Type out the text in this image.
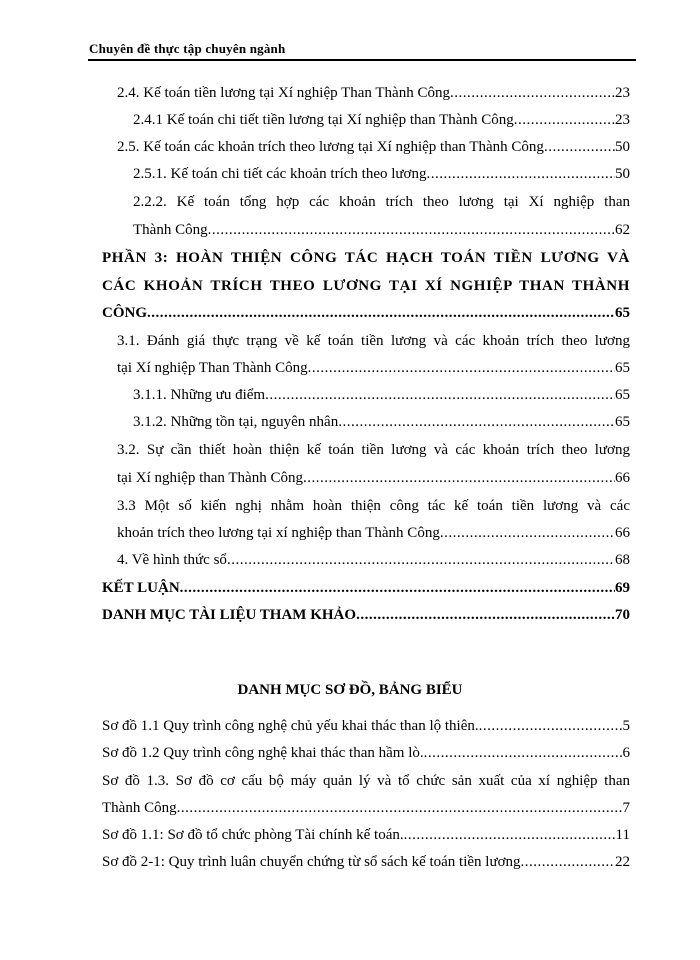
Chuyên đề thực tập chuyên ngành
2.4. Kế toán tiền lương tại Xí nghiệp Than Thành Công .....	23
2.4.1 Kế toán chi tiết tiền lương tại Xí nghiệp than Thành Công .....	23
2.5. Kế toán các khoản trích theo lương tại Xí nghiệp than Thành Công .....	50
2.5.1. Kế toán chi tiết các khoản trích theo lương .....	50
2.2.2. Kế toán tổng hợp các khoản trích theo lương tại Xí nghiệp than
Thành Công .....	62
PHẦN 3: HOÀN THIỆN CÔNG TÁC HẠCH TOÁN TIỀN LƯƠNG VÀ
CÁC KHOẢN TRÍCH THEO LƯƠNG TẠI XÍ NGHIỆP THAN THÀNH
CÔNG .....	65
3.1. Đánh giá thực trạng về kế toán tiền lương và các khoản trích theo lương
tại Xí nghiệp Than Thành Công .....	65
3.1.1. Những ưu điểm .....	65
3.1.2. Những tồn tại, nguyên nhân .....	65
3.2. Sự cần thiết hoàn thiện kế toán tiền lương và các khoản trích theo lương
tại Xí nghiệp than Thành Công .....	66
3.3 Một số kiến nghị nhằm hoàn thiện công tác kế toán tiền lương và các
khoản trích theo lương tại xí nghiệp than Thành Công .....	66
4. Về hình thức sổ .....	68
KẾT LUẬN .....	69
DANH MỤC TÀI LIỆU THAM KHẢO .....	70
DANH MỤC SƠ ĐỒ, BẢNG BIỂU
Sơ đồ 1.1 Quy trình công nghệ chủ yếu khai thác than lộ thiên. .....	5
Sơ đồ 1.2 Quy trình công nghệ khai thác than hầm lò. .....	6
Sơ đồ 1.3. Sơ đồ cơ cấu bộ máy quản lý và tổ chức sản xuất của xí nghiệp than
Thành Công .....	7
Sơ đồ 1.1: Sơ đồ tổ chức phòng Tài chính kế toán. .....	11
Sơ đồ 2-1: Quy trình luân chuyển chứng từ sổ sách kế toán tiền lương .....	22
